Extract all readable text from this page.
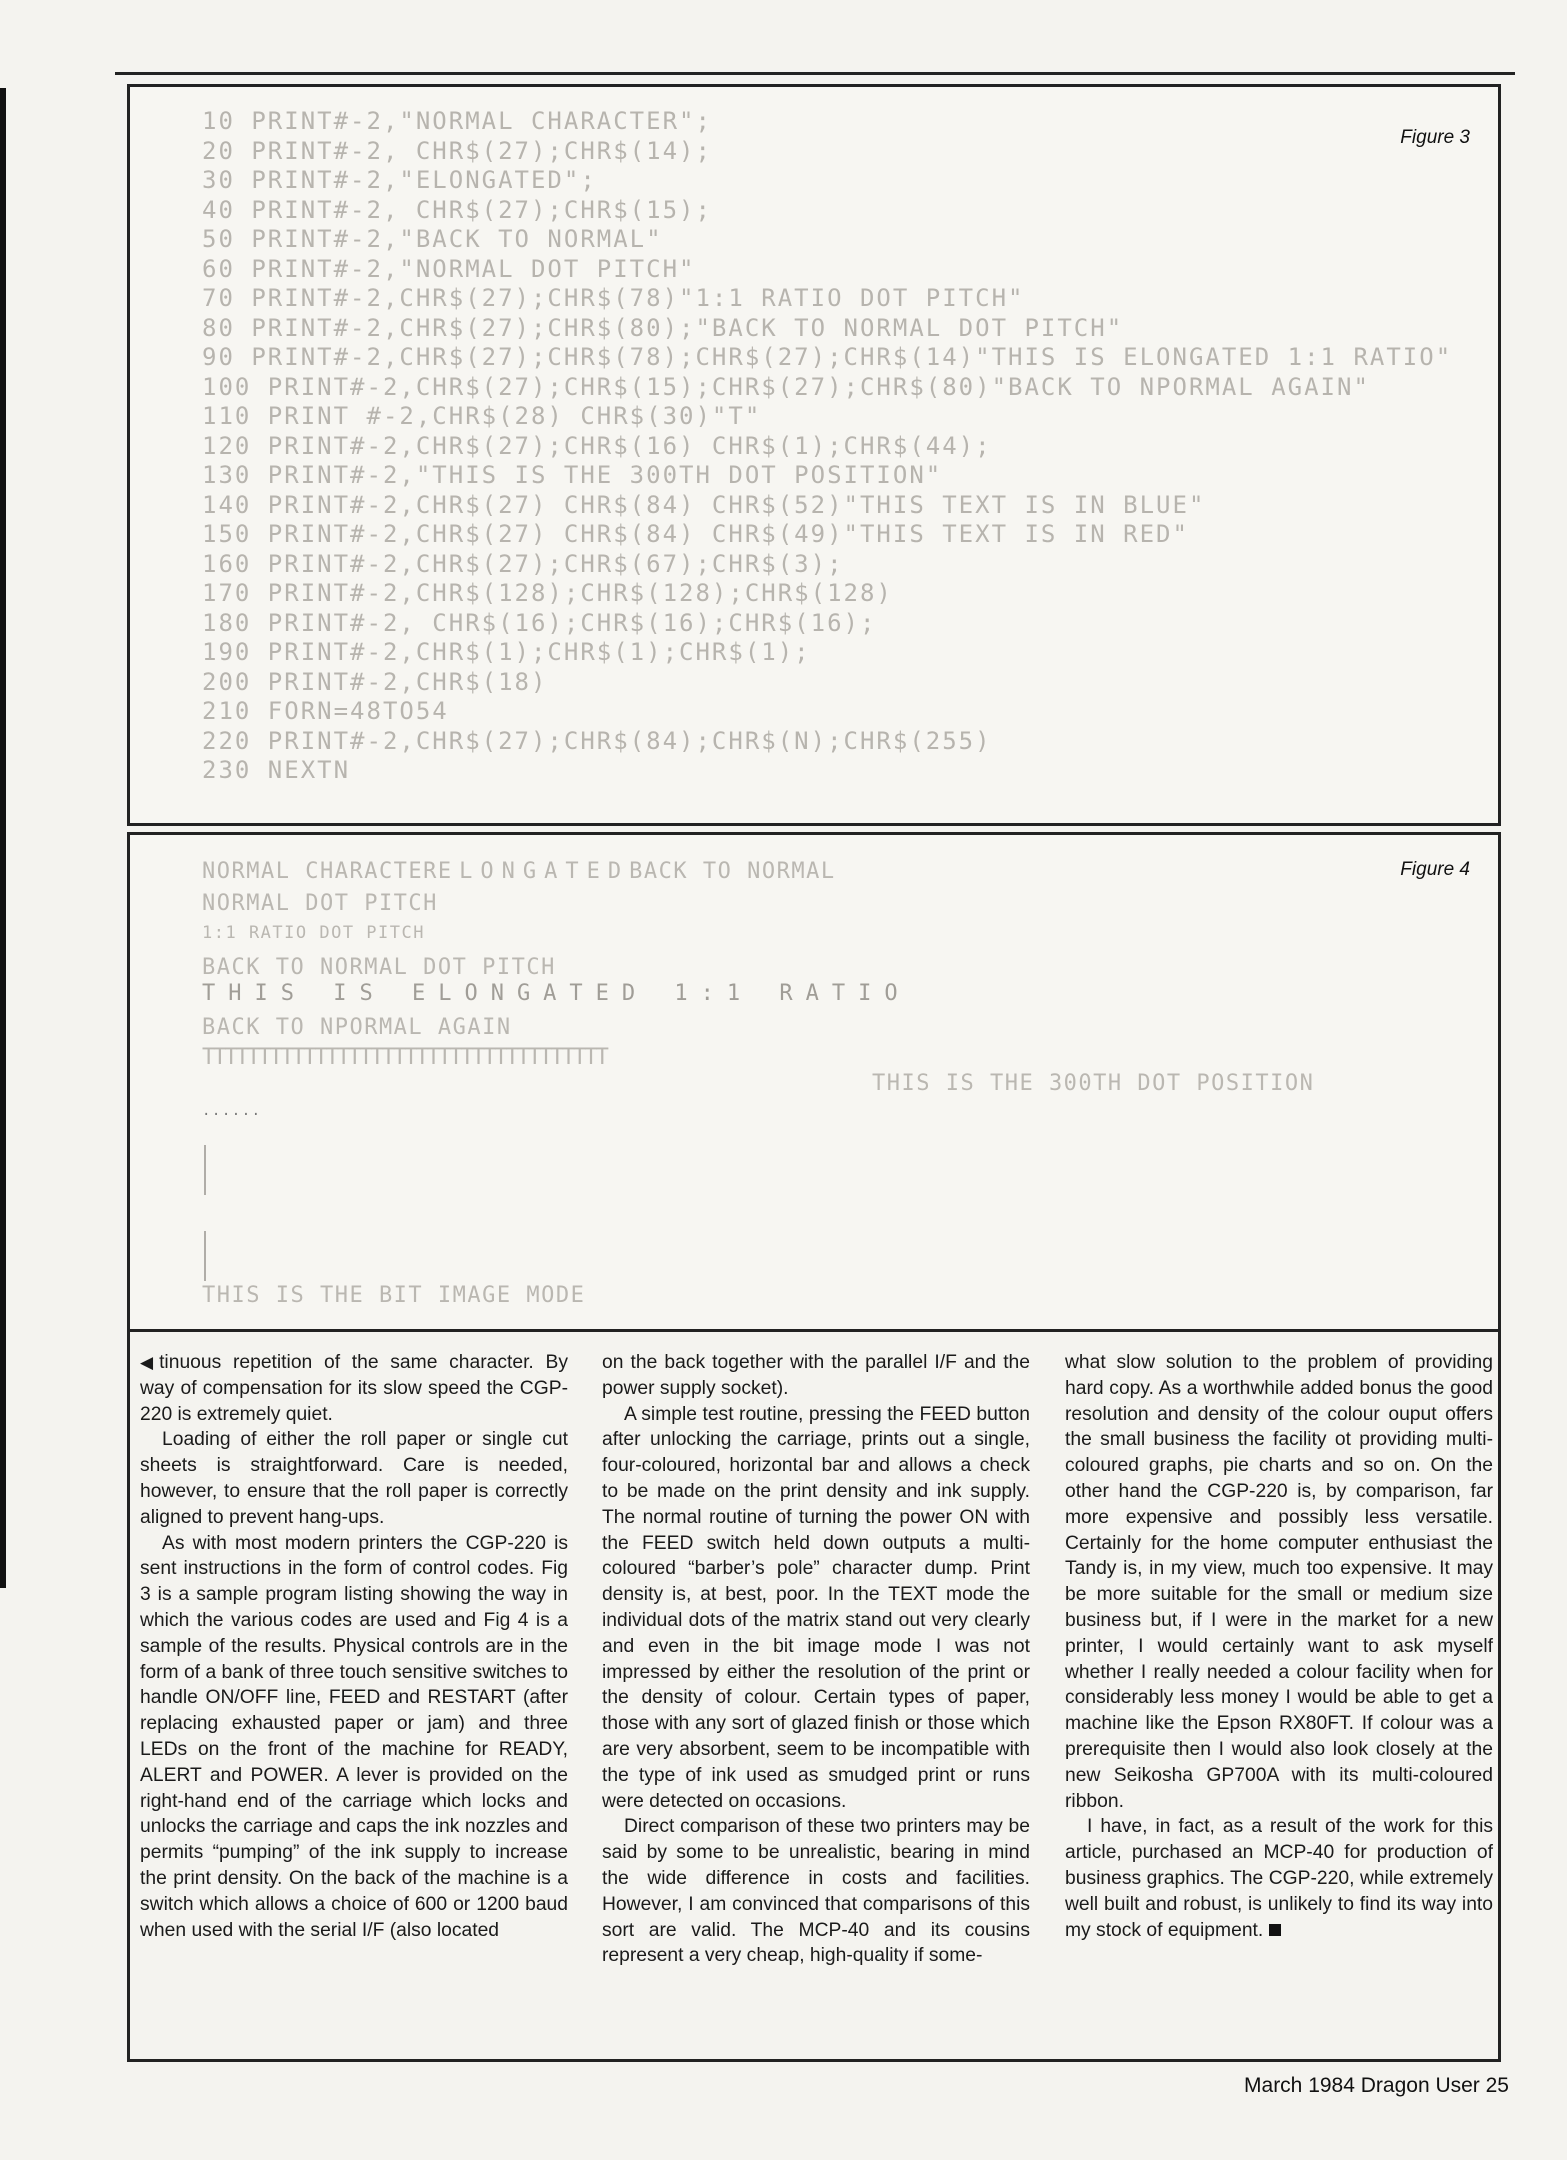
Figure 3
10 PRINT#-2,"NORMAL CHARACTER";
20 PRINT#-2, CHR$(27);CHR$(14);
30 PRINT#-2,"ELONGATED";
40 PRINT#-2, CHR$(27);CHR$(15);
50 PRINT#-2,"BACK TO NORMAL"
60 PRINT#-2,"NORMAL DOT PITCH"
70 PRINT#-2,CHR$(27);CHR$(78)"1:1 RATIO DOT PITCH"
80 PRINT#-2,CHR$(27);CHR$(80);"BACK TO NORMAL DOT PITCH"
90 PRINT#-2,CHR$(27);CHR$(78);CHR$(27);CHR$(14)"THIS IS ELONGATED 1:1 RATIO"
100 PRINT#-2,CHR$(27);CHR$(15);CHR$(27);CHR$(80)"BACK TO NPORMAL AGAIN"
110 PRINT #-2,CHR$(28) CHR$(30)"T"
120 PRINT#-2,CHR$(27);CHR$(16) CHR$(1);CHR$(44);
130 PRINT#-2,"THIS IS THE 300TH DOT POSITION"
140 PRINT#-2,CHR$(27) CHR$(84) CHR$(52)"THIS TEXT IS IN BLUE"
150 PRINT#-2,CHR$(27) CHR$(84) CHR$(49)"THIS TEXT IS IN RED"
160 PRINT#-2,CHR$(27);CHR$(67);CHR$(3);
170 PRINT#-2,CHR$(128);CHR$(128);CHR$(128)
180 PRINT#-2, CHR$(16);CHR$(16);CHR$(16);
190 PRINT#-2,CHR$(1);CHR$(1);CHR$(1);
200 PRINT#-2,CHR$(18)
210 FORN=48TO54
220 PRINT#-2,CHR$(27);CHR$(84);CHR$(N);CHR$(255)
230 NEXTN
Figure 4
NORMAL CHARACTERELONGATEDBACK TO NORMAL
NORMAL DOT PITCH
1:1 RATIO DOT PITCH
BACK TO NORMAL DOT PITCH
THIS IS ELONGATED 1:1 RATIO
BACK TO NPORMAL AGAIN
TTTTTTTTTTTTTTTTTTTTTTTTTTTTTTTTTTTT
THIS IS THE 300TH DOT POSITION
......
THIS IS THE BIT IMAGE MODE

◀ tinuous repetition of the same character. By way of compensation for its slow speed the CGP-220 is extremely quiet.

Loading of either the roll paper or single cut sheets is straightforward. Care is needed, however, to ensure that the roll paper is correctly aligned to prevent hang-ups.

As with most modern printers the CGP-220 is sent instructions in the form of control codes. Fig 3 is a sample program listing showing the way in which the various codes are used and Fig 4 is a sample of the results. Physical controls are in the form of a bank of three touch sensitive switches to handle ON/OFF line, FEED and RESTART (after replacing exhausted paper or jam) and three LEDs on the front of the machine for READY, ALERT and POWER. A lever is provided on the right-hand end of the carriage which locks and unlocks the carriage and caps the ink nozzles and permits “pumping” of the ink supply to increase the print density. On the back of the machine is a switch which allows a choice of 600 or 1200 baud when used with the serial I/F (also located

on the back together with the parallel I/F and the power supply socket).

A simple test routine, pressing the FEED button after unlocking the carriage, prints out a single, four-coloured, horizontal bar and allows a check to be made on the print density and ink supply. The normal routine of turning the power ON with the FEED switch held down outputs a multi-coloured “barber’s pole” character dump. Print density is, at best, poor. In the TEXT mode the individual dots of the matrix stand out very clearly and even in the bit image mode I was not impressed by either the resolution of the print or the density of colour. Certain types of paper, those with any sort of glazed finish or those which are very absorbent, seem to be incompatible with the type of ink used as smudged print or runs were detected on occasions.

Direct comparison of these two printers may be said by some to be unrealistic, bearing in mind the wide difference in costs and facilities. However, I am convinced that comparisons of this sort are valid. The MCP-40 and its cousins represent a very cheap, high-quality if some-

what slow solution to the problem of providing hard copy. As a worthwhile added bonus the good resolution and density of the colour ouput offers the small business the facility ot providing multi-coloured graphs, pie charts and so on. On the other hand the CGP-220 is, by comparison, far more expensive and possibly less versatile. Certainly for the home computer enthusiast the Tandy is, in my view, much too expensive. It may be more suitable for the small or medium size business but, if I were in the market for a new printer, I would certainly want to ask myself whether I really needed a colour facility when for considerably less money I would be able to get a machine like the Epson RX80FT. If colour was a prerequisite then I would also look closely at the new Seikosha GP700A with its multi-coloured ribbon.

I have, in fact, as a result of the work for this article, purchased an MCP-40 for production of business graphics. The CGP-220, while extremely well built and robust, is unlikely to find its way into my stock of equipment.

March 1984 Dragon User 25
